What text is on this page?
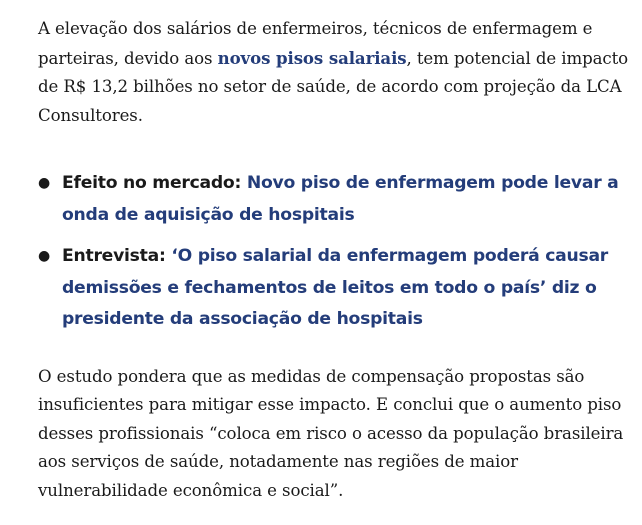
A elevação dos salários de enfermeiros, técnicos de enfermagem e parteiras, devido aos novos pisos salariais, tem potencial de impacto de R$ 13,2 bilhões no setor de saúde, de acordo com projeção da LCA Consultores.

● Efeito no mercado: Novo piso de enfermagem pode levar a onda de aquisição de hospitais
● Entrevista: ‘O piso salarial da enfermagem poderá causar demissões e fechamentos de leitos em todo o país’ diz o presidente da associação de hospitais

O estudo pondera que as medidas de compensação propostas são insuficientes para mitigar esse impacto. E conclui que o aumento piso desses profissionais “coloca em risco o acesso da população brasileira aos serviços de saúde, notadamente nas regiões de maior vulnerabilidade econômica e social”.
